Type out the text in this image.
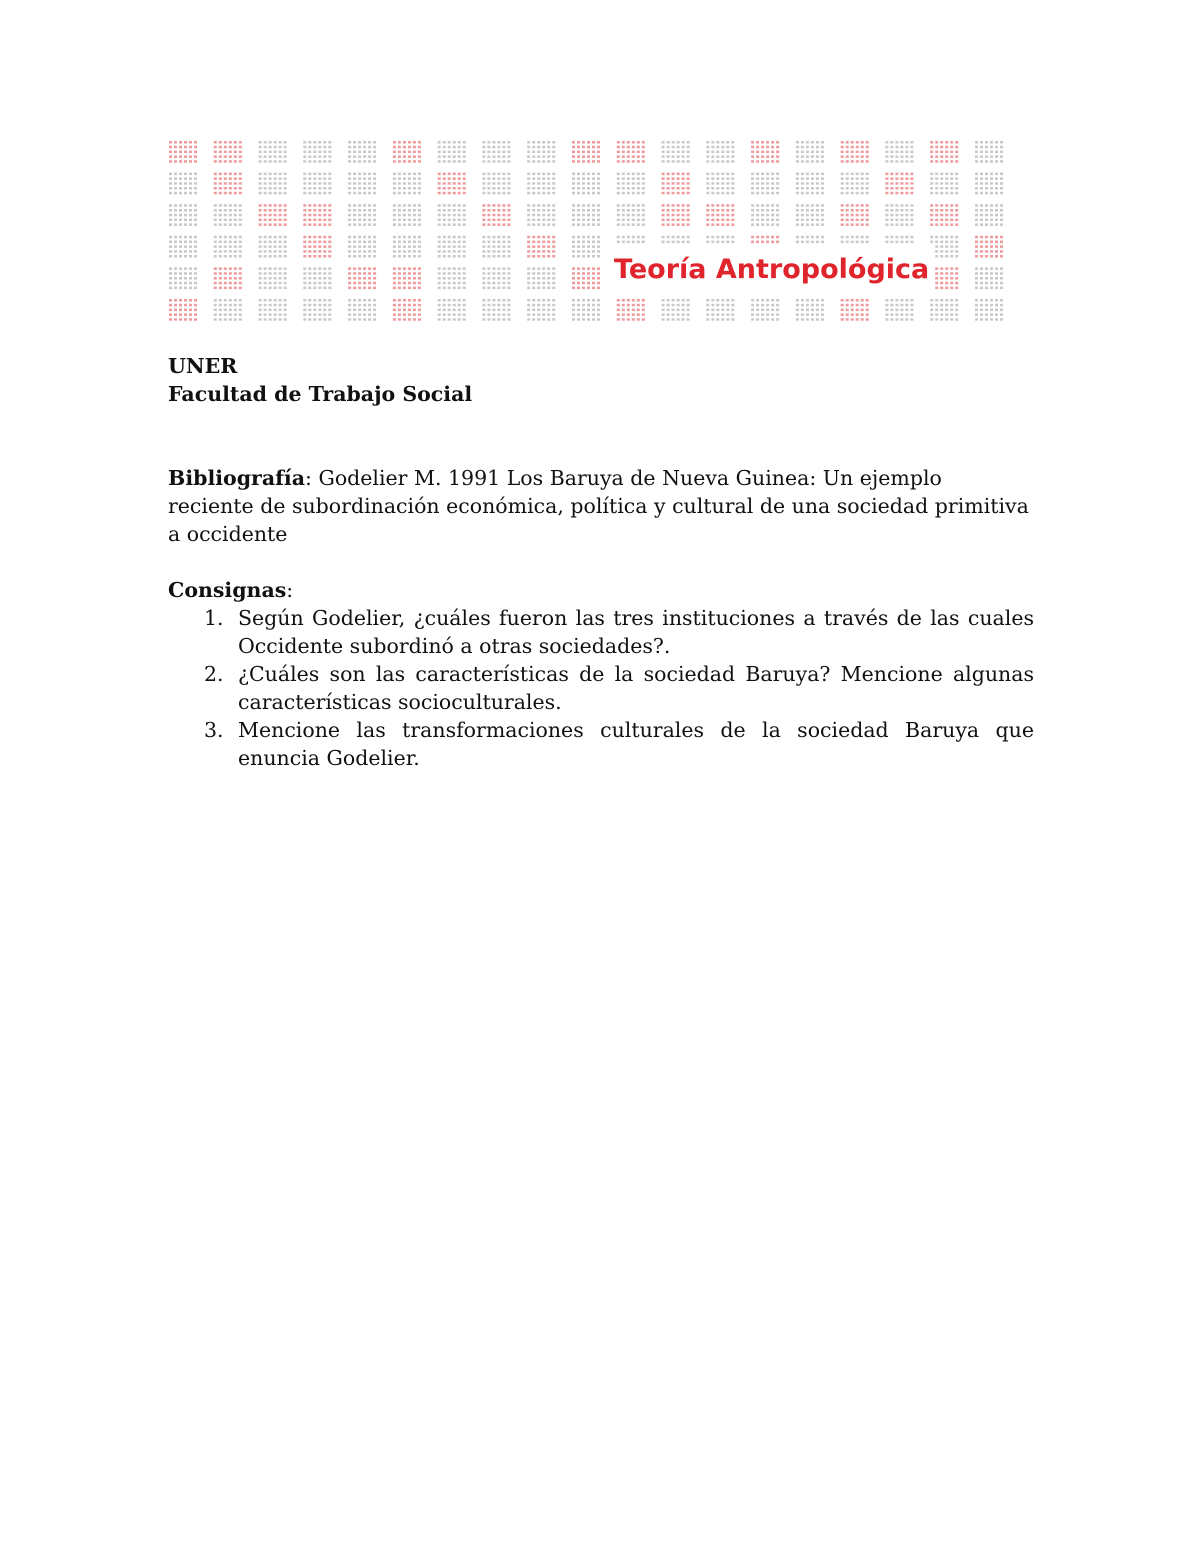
Teoría Antropológica

UNER

Facultad de Trabajo Social

Bibliografía: Godelier M. 1991 Los Baruya de Nueva Guinea: Un ejemplo reciente de subordinación económica, política y cultural de una sociedad primitiva a occidente

Consignas:

1. Según Godelier, ¿cuáles fueron las tres instituciones a través de las cuales Occidente subordinó a otras sociedades?.
2. ¿Cuáles son las características de la sociedad Baruya? Mencione algunas características socioculturales.
3. Mencione las transformaciones culturales de la sociedad Baruya que enuncia Godelier.
